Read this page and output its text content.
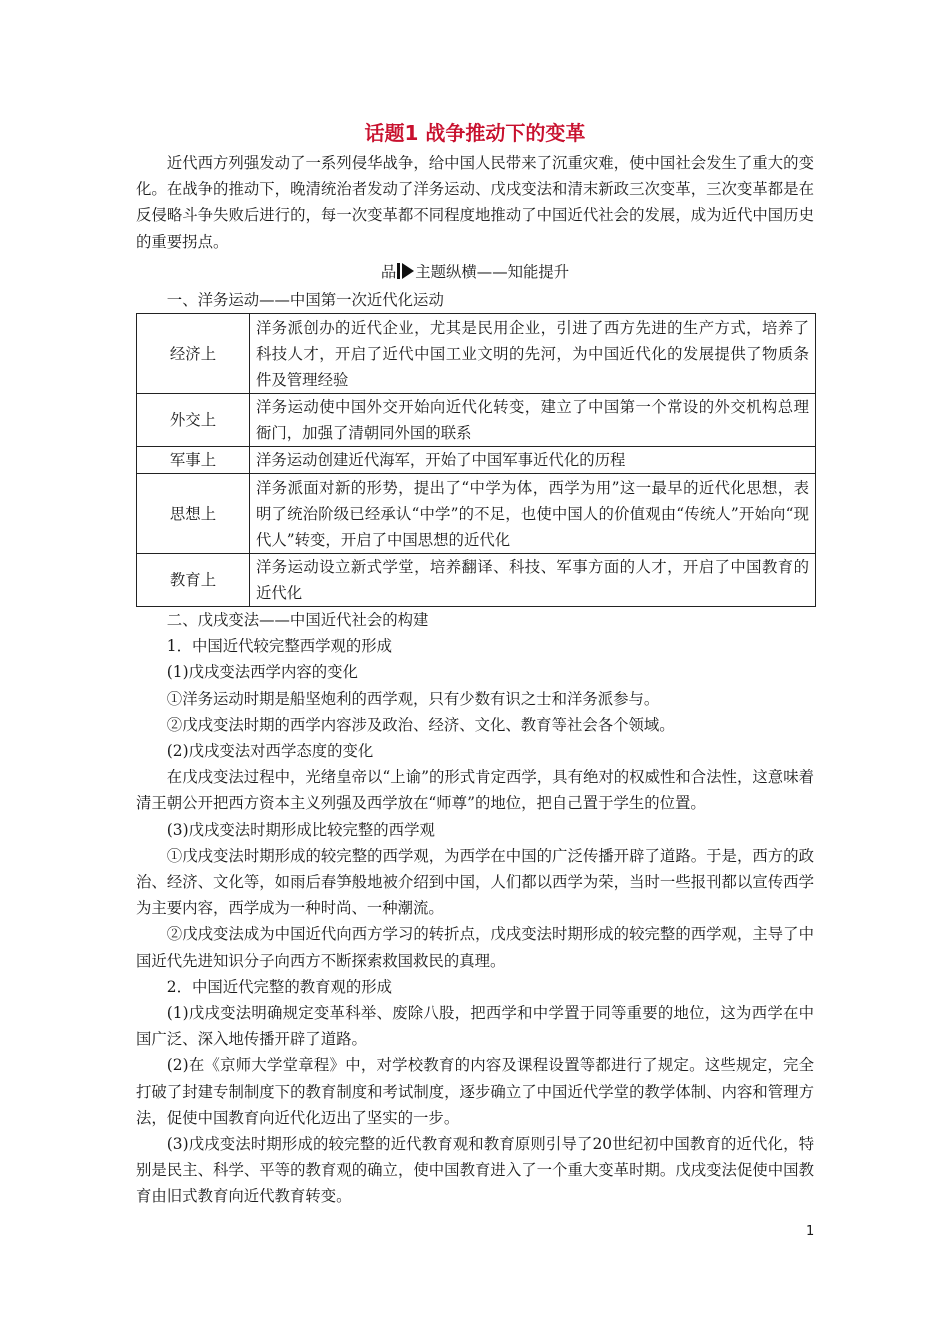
话题1 战争推动下的变革

近代西方列强发动了一系列侵华战争，给中国人民带来了沉重灾难，使中国社会发生了重大的变化。在战争的推动下，晚清统治者发动了洋务运动、戊戌变法和清末新政三次变革，三次变革都是在反侵略斗争失败后进行的，每一次变革都不同程度地推动了中国近代社会的发展，成为近代中国历史的重要拐点。

品 主题纵横——知能提升

一、洋务运动——中国第一次近代化运动

经济上	洋务派创办的近代企业，尤其是民用企业，引进了西方先进的生产方式，培养了科技人才，开启了近代中国工业文明的先河，为中国近代化的发展提供了物质条件及管理经验
外交上	洋务运动使中国外交开始向近代化转变，建立了中国第一个常设的外交机构总理衙门，加强了清朝同外国的联系
军事上	洋务运动创建近代海军，开始了中国军事近代化的历程
思想上	洋务派面对新的形势，提出了“中学为体，西学为用”这一最早的近代化思想，表明了统治阶级已经承认“中学”的不足，也使中国人的价值观由“传统人”开始向“现代人”转变，开启了中国思想的近代化
教育上	洋务运动设立新式学堂，培养翻译、科技、军事方面的人才，开启了中国教育的近代化

二、戊戌变法——中国近代社会的构建

1．中国近代较完整西学观的形成

(1)戊戌变法西学内容的变化

①洋务运动时期是船坚炮利的西学观，只有少数有识之士和洋务派参与。

②戊戌变法时期的西学内容涉及政治、经济、文化、教育等社会各个领域。

(2)戊戌变法对西学态度的变化

在戊戌变法过程中，光绪皇帝以“上谕”的形式肯定西学，具有绝对的权威性和合法性，这意味着清王朝公开把西方资本主义列强及西学放在“师尊”的地位，把自己置于学生的位置。

(3)戊戌变法时期形成比较完整的西学观

①戊戌变法时期形成的较完整的西学观，为西学在中国的广泛传播开辟了道路。于是，西方的政治、经济、文化等，如雨后春笋般地被介绍到中国，人们都以西学为荣，当时一些报刊都以宣传西学为主要内容，西学成为一种时尚、一种潮流。

②戊戌变法成为中国近代向西方学习的转折点，戊戌变法时期形成的较完整的西学观，主导了中国近代先进知识分子向西方不断探索救国救民的真理。

2．中国近代完整的教育观的形成

(1)戊戌变法明确规定变革科举、废除八股，把西学和中学置于同等重要的地位，这为西学在中国广泛、深入地传播开辟了道路。

(2)在《京师大学堂章程》中，对学校教育的内容及课程设置等都进行了规定。这些规定，完全打破了封建专制制度下的教育制度和考试制度，逐步确立了中国近代学堂的教学体制、内容和管理方法，促使中国教育向近代化迈出了坚实的一步。

(3)戊戌变法时期形成的较完整的近代教育观和教育原则引导了20世纪初中国教育的近代化，特别是民主、科学、平等的教育观的确立，使中国教育进入了一个重大变革时期。戊戌变法促使中国教育由旧式教育向近代教育转变。

1
